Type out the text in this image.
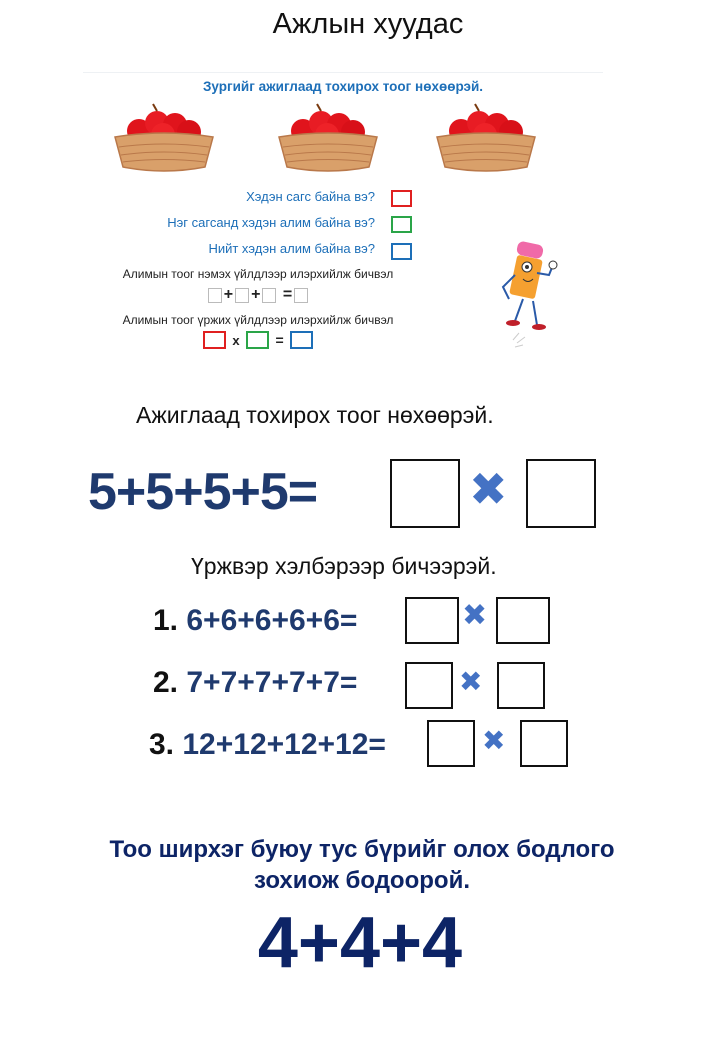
Ажлын хуудас
Зургийг ажиглаад тохирох тоог нөхөөрэй.
Хэдэн сагс байна вэ?
Нэг сагсанд хэдэн алим байна вэ?
Нийт хэдэн алим байна вэ?
Алимын тоог нэмэх үйлдлээр илэрхийлж бичвэл
+ + =
Алимын тоог үржих үйлдлээр илэрхийлж бичвэл
x	=
Ажиглаад тохирох тоог нөхөөрэй.
5+5+5+5=	✖
Үржвэр хэлбэрээр бичээрэй.
1. 6+6+6+6+6=	✖
2. 7+7+7+7+7=	✖
3. 12+12+12+12=	✖
Тоо ширхэг буюу тус бүрийг олох бодлого
зохиож бодоорой.
4+4+4
